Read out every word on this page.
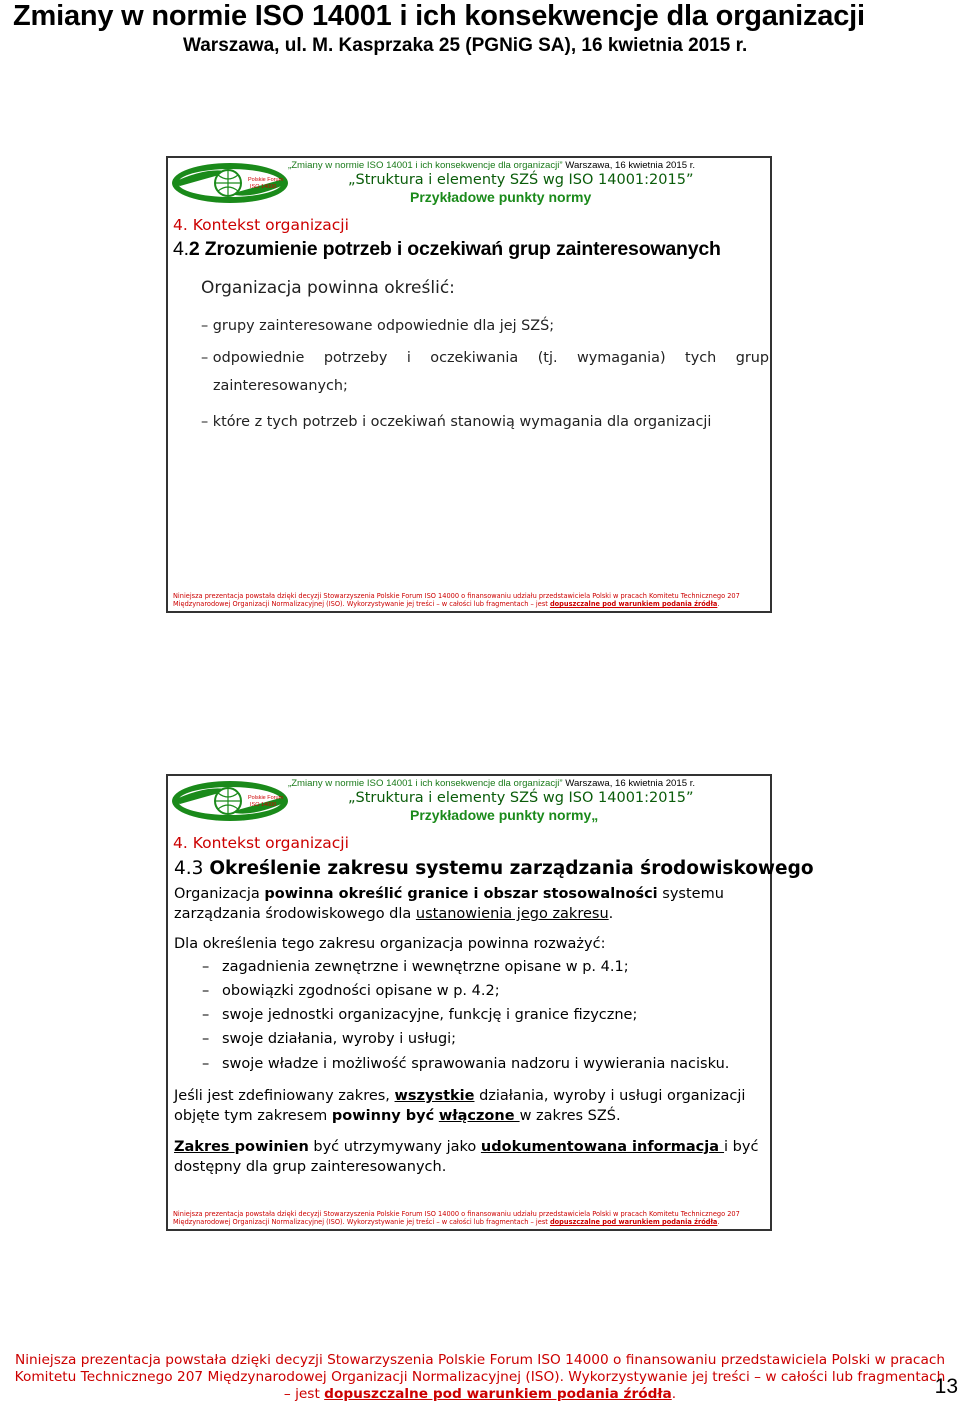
Zmiany w normie ISO 14001 i ich konsekwencje dla organizacji
Warszawa, ul. M. Kasprzaka 25 (PGNiG SA), 16 kwietnia 2015 r.
Polskie Forum
ISO 14000
„Zmiany w normie ISO 14001 i ich konsekwencje dla organizacji” Warszawa, 16 kwietnia 2015 r.
„Struktura i elementy SZŚ wg ISO 14001:2015”
Przykładowe punkty normy
4. Kontekst organizacji
4.2 Zrozumienie potrzeb i oczekiwań grup zainteresowanych
Organizacja powinna określić:
– grupy zainteresowane odpowiednie dla jej SZŚ;
– odpowiednie potrzeby i oczekiwania (tj. wymagania) tych grup
zainteresowanych;
– które z tych potrzeb i oczekiwań stanowią wymagania dla organizacji
Niniejsza prezentacja powstała dzięki decyzji Stowarzyszenia Polskie Forum ISO 14000 o finansowaniu udziału przedstawiciela Polski w pracach Komitetu Technicznego 207 Międzynarodowej Organizacji Normalizacyjnej (ISO). Wykorzystywanie jej treści – w całości lub fragmentach – jest dopuszczalne pod warunkiem podania źródła.
Polskie Forum
ISO 14000
„Zmiany w normie ISO 14001 i ich konsekwencje dla organizacji” Warszawa, 16 kwietnia 2015 r.
„Struktura i elementy SZŚ wg ISO 14001:2015”
Przykładowe punkty normy„
4. Kontekst organizacji
4.3 Określenie zakresu systemu zarządzania środowiskowego
Organizacja powinna określić granice i obszar stosowalności systemu zarządzania środowiskowego dla ustanowienia jego zakresu.
Dla określenia tego zakresu organizacja powinna rozważyć:
– zagadnienia zewnętrzne i wewnętrzne opisane w p. 4.1;
– obowiązki zgodności opisane w p. 4.2;
– swoje jednostki organizacyjne, funkcję i granice fizyczne;
– swoje działania, wyroby i usługi;
– swoje władze i możliwość sprawowania nadzoru i wywierania nacisku.
Jeśli jest zdefiniowany zakres, wszystkie działania, wyroby i usługi organizacji objęte tym zakresem powinny być włączone w zakres SZŚ.
Zakres powinien być utrzymywany jako udokumentowana informacja i być dostępny dla grup zainteresowanych.
Niniejsza prezentacja powstała dzięki decyzji Stowarzyszenia Polskie Forum ISO 14000 o finansowaniu udziału przedstawiciela Polski w pracach Komitetu Technicznego 207 Międzynarodowej Organizacji Normalizacyjnej (ISO). Wykorzystywanie jej treści – w całości lub fragmentach – jest dopuszczalne pod warunkiem podania źródła.
Niniejsza prezentacja powstała dzięki decyzji Stowarzyszenia Polskie Forum ISO 14000 o finansowaniu przedstawiciela Polski w pracach
Komitetu Technicznego 207 Międzynarodowej Organizacji Normalizacyjnej (ISO). Wykorzystywanie jej treści – w całości lub fragmentach
– jest dopuszczalne pod warunkiem podania źródła.	13
